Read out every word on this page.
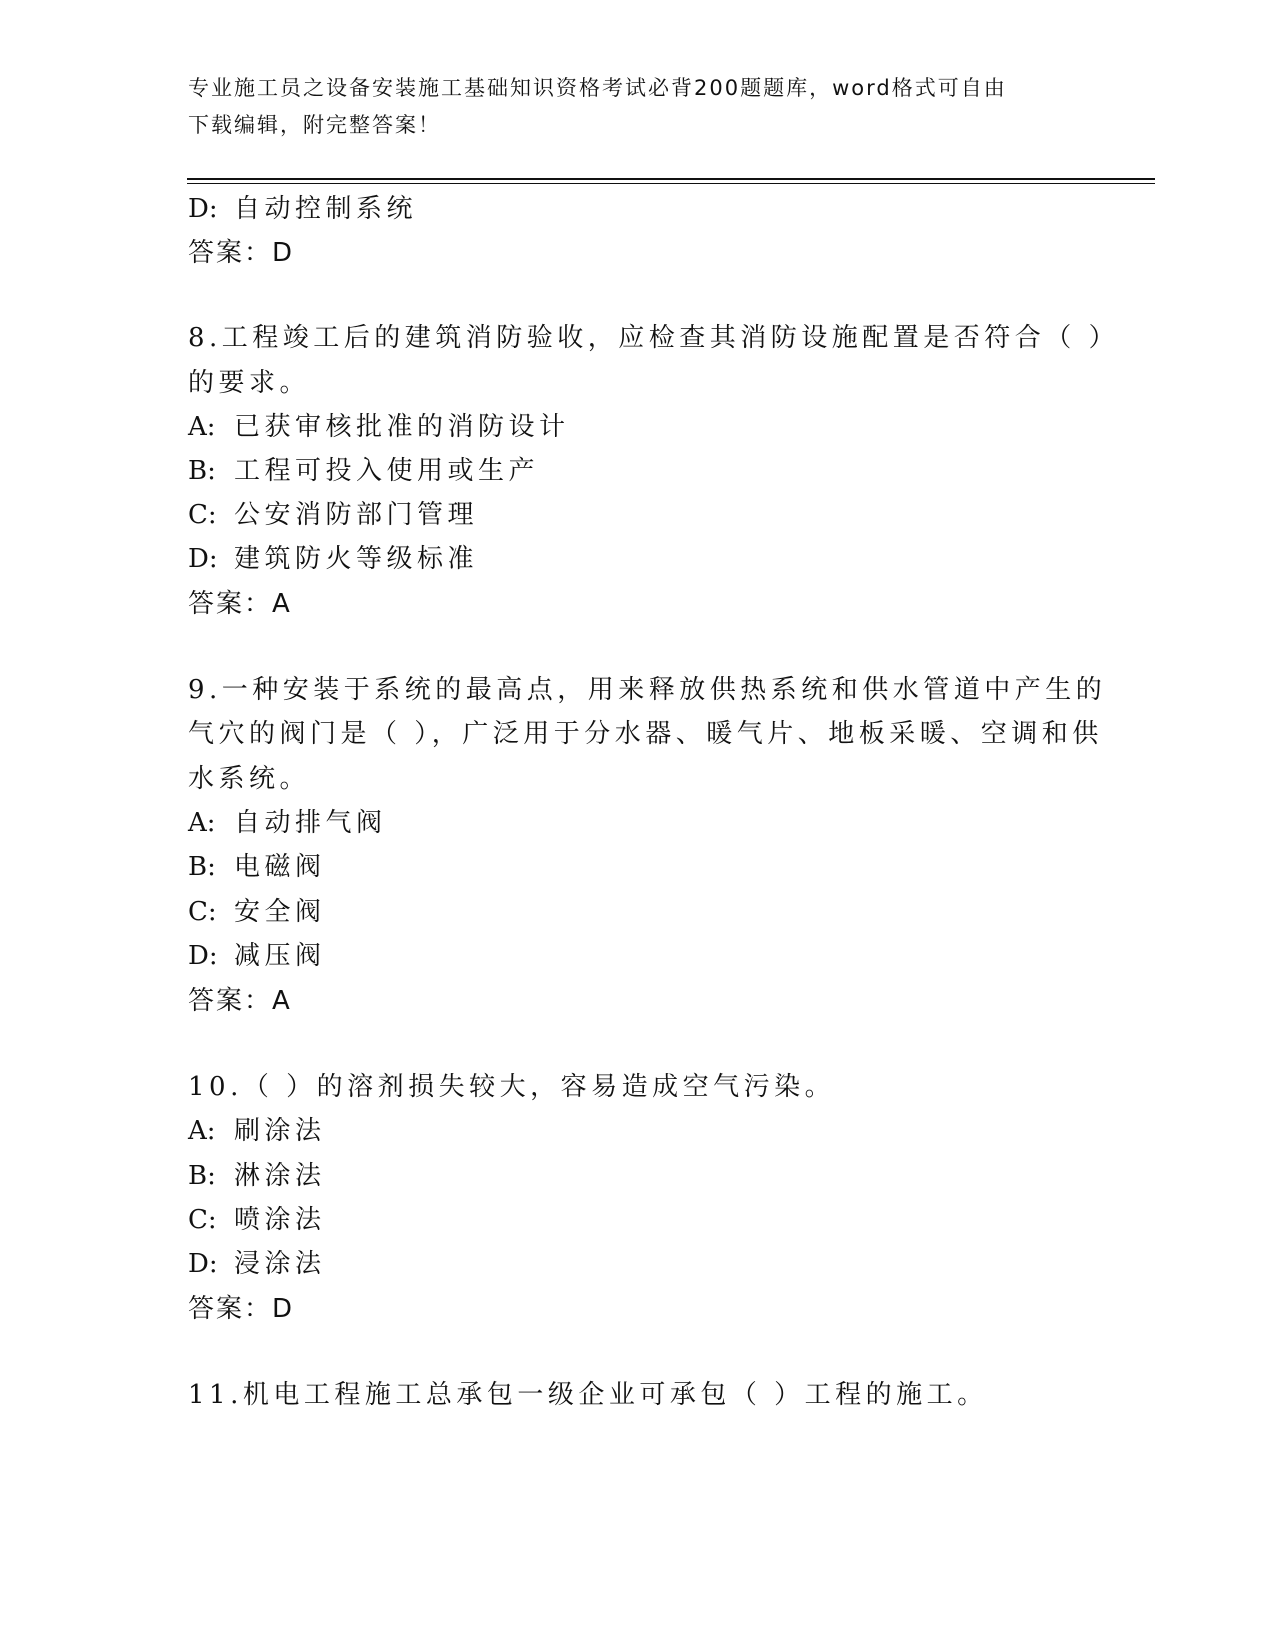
专业施工员之设备安装施工基础知识资格考试必背200题题库，word格式可自由
下载编辑，附完整答案！
D: 自动控制系统
答案：D
8.工程竣工后的建筑消防验收，应检查其消防设施配置是否符合（ ）
的要求。
A: 已获审核批准的消防设计
B: 工程可投入使用或生产
C: 公安消防部门管理
D: 建筑防火等级标准
答案：A
9.一种安装于系统的最高点，用来释放供热系统和供水管道中产生的
气穴的阀门是（ ），广泛用于分水器、暖气片、地板采暖、空调和供
水系统。
A: 自动排气阀
B: 电磁阀
C: 安全阀
D: 减压阀
答案：A
10.（ ）的溶剂损失较大，容易造成空气污染。
A: 刷涂法
B: 淋涂法
C: 喷涂法
D: 浸涂法
答案：D
11.机电工程施工总承包一级企业可承包（ ）工程的施工。
